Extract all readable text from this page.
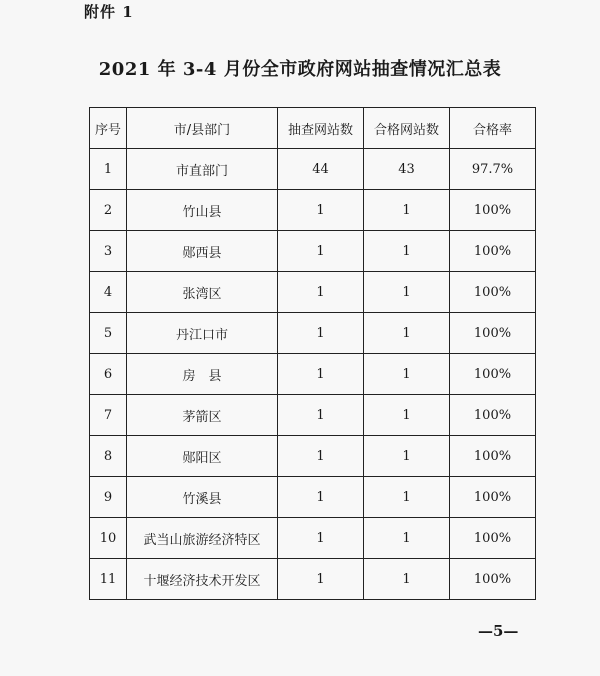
附件 1
2021 年 3-4 月份全市政府网站抽查情况汇总表
序号	市/县部门	抽查网站数	合格网站数	合格率
1	市直部门	44	43	97.7%
2	竹山县	1	1	100%
3	郧西县	1	1	100%
4	张湾区	1	1	100%
5	丹江口市	1	1	100%
6	房　县	1	1	100%
7	茅箭区	1	1	100%
8	郧阳区	1	1	100%
9	竹溪县	1	1	100%
10	武当山旅游经济特区	1	1	100%
11	十堰经济技术开发区	1	1	100%
—5—
